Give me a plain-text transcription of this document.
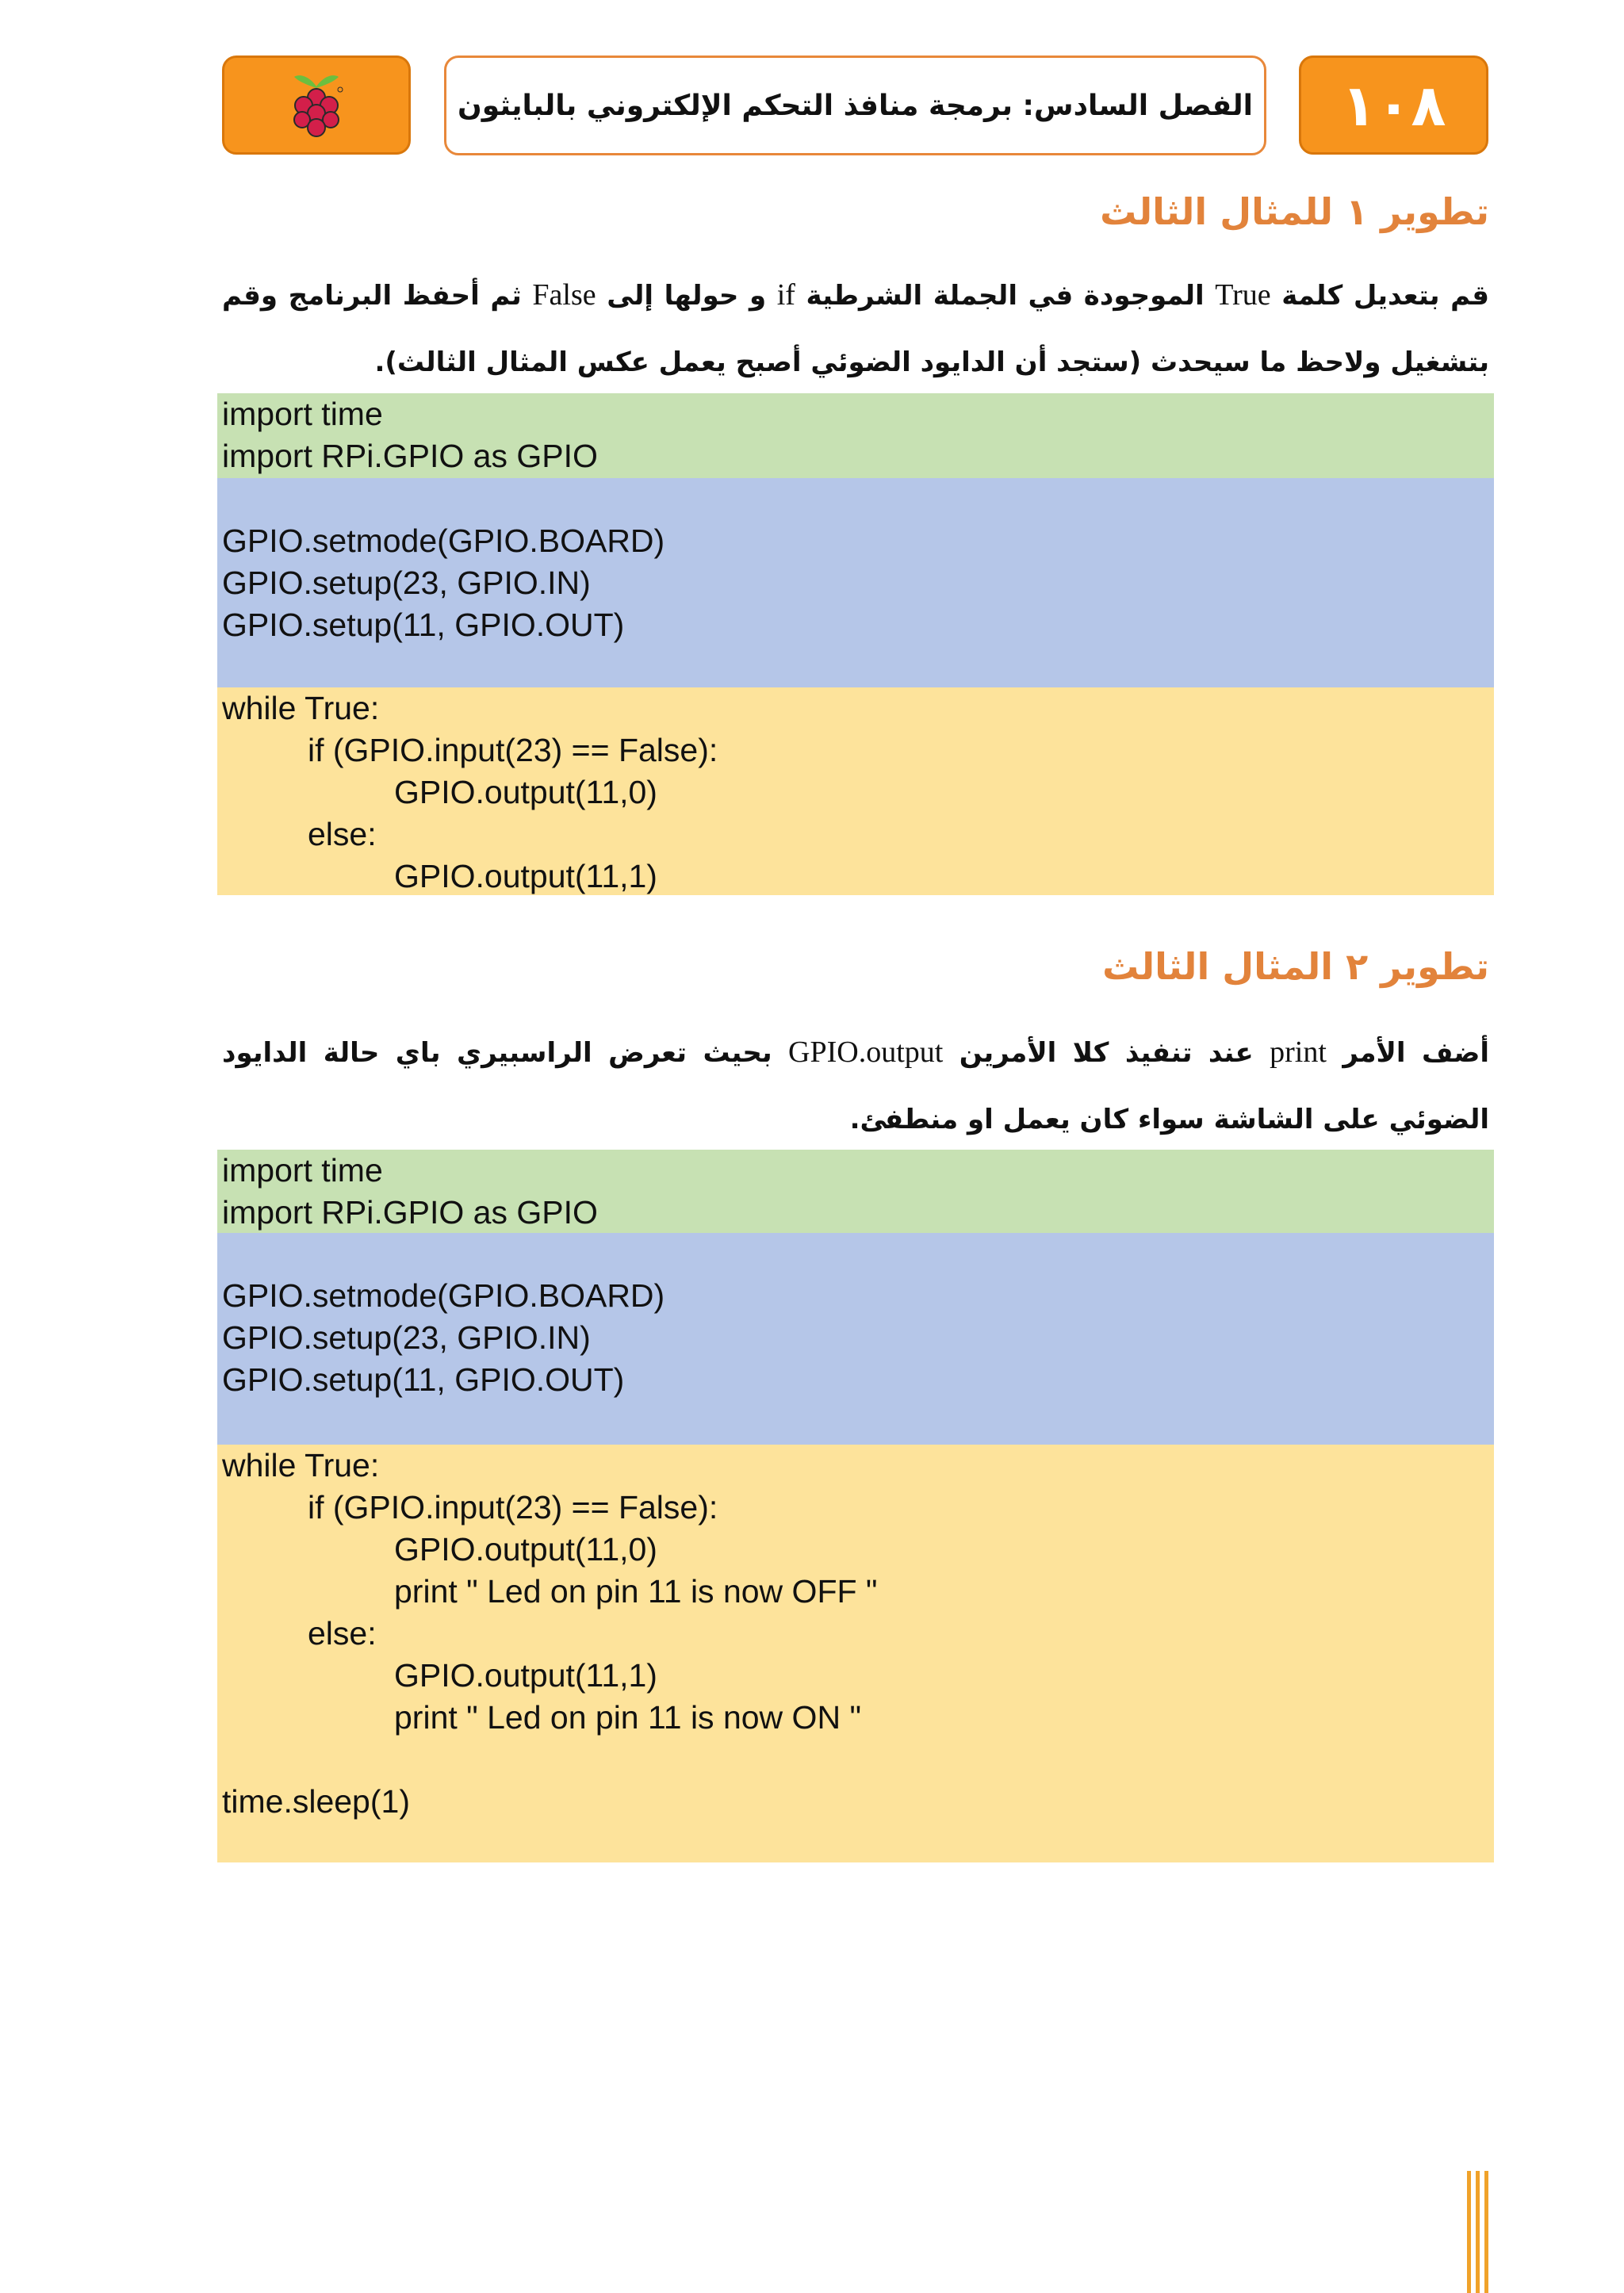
الفصل السادس: برمجة منافذ التحكم الإلكتروني بالبايثون ١٠٨
تطوير ١ للمثال الثالث
قم بتعديل كلمة True الموجودة في الجملة الشرطية if و حولها إلى False ثم أحفظ البرنامج وقم بتشغيل ولاحظ ما سيحدث (ستجد أن الدايود الضوئي أصبح يعمل عكس المثال الثالث).
import time
import RPi.GPIO as GPIO
GPIO.setmode(GPIO.BOARD)
GPIO.setup(23, GPIO.IN)
GPIO.setup(11, GPIO.OUT)
while True:
if (GPIO.input(23) == False):
GPIO.output(11,0)
else:
GPIO.output(11,1)
تطوير ٢ المثال الثالث
أضف الأمر print عند تنفيذ كلا الأمرين GPIO.output بحيث تعرض الراسبيري باي حالة الدايود الضوئي على الشاشة سواء كان يعمل او منطفئ.
import time
import RPi.GPIO as GPIO
GPIO.setmode(GPIO.BOARD)
GPIO.setup(23, GPIO.IN)
GPIO.setup(11, GPIO.OUT)
while True:
if (GPIO.input(23) == False):
GPIO.output(11,0)
print " Led on pin 11 is now OFF "
else:
GPIO.output(11,1)
print " Led on pin 11 is now ON "
time.sleep(1)
